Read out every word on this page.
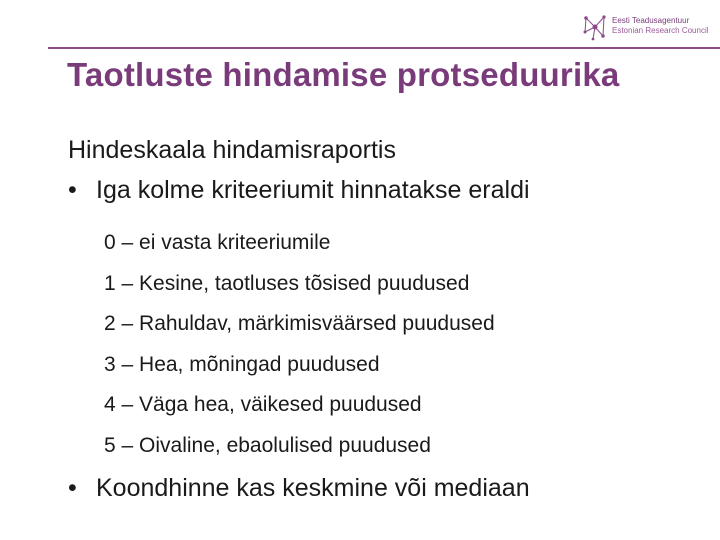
Eesti Teadusagentuur
Estonian Research Council
Taotluste hindamise protseduurika
Hindeskaala hindamisraportis
• Iga kolme kriteeriumit hinnatakse eraldi
0 – ei vasta kriteeriumile
1 – Kesine, taotluses tõsised puudused
2 – Rahuldav, märkimisväärsed puudused
3 – Hea, mõningad puudused
4 – Väga hea, väikesed puudused
5 – Oivaline, ebaolulised puudused
• Koondhinne kas keskmine või mediaan
